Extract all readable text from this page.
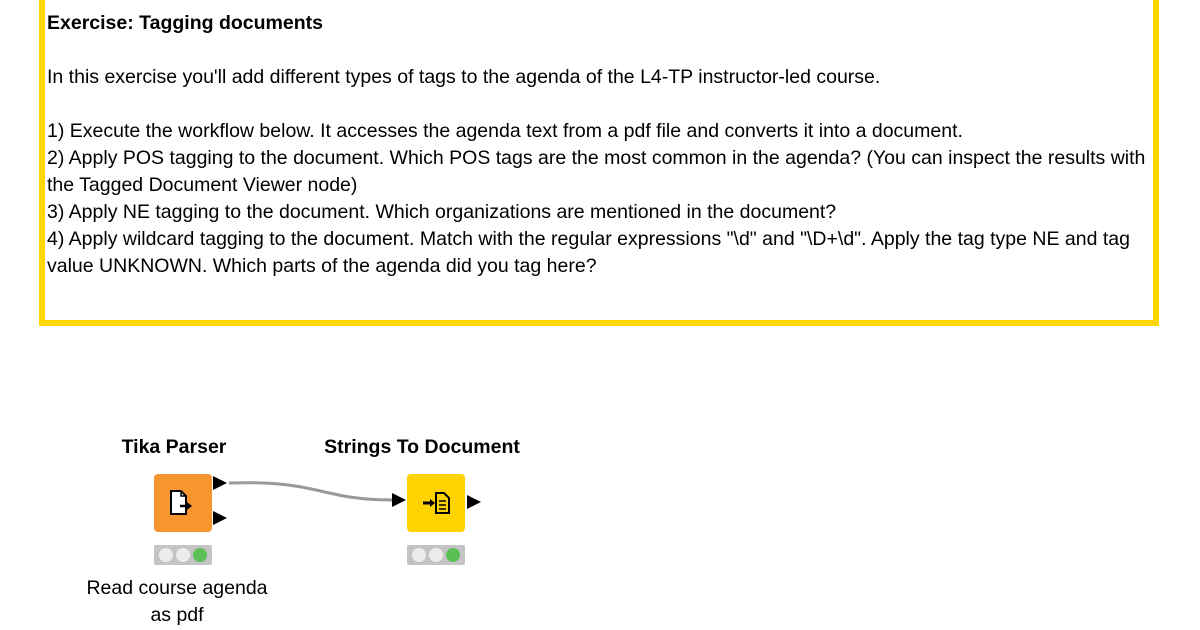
Exercise: Tagging documents

In this exercise you'll add different types of tags to the agenda of the L4-TP instructor-led course.

1) Execute the workflow below. It accesses the agenda text from a pdf file and converts it into a document.

2) Apply POS tagging to the document. Which POS tags are the most common in the agenda? (You can inspect the results with the Tagged Document Viewer node)

3) Apply NE tagging to the document. Which organizations are mentioned in the document?

4) Apply wildcard tagging to the document. Match with the regular expressions "\d" and "\D+\d". Apply the tag type NE and tag value UNKNOWN. Which parts of the agenda did you tag here?

Tika Parser
Read course agenda
as pdf
Strings To Document
